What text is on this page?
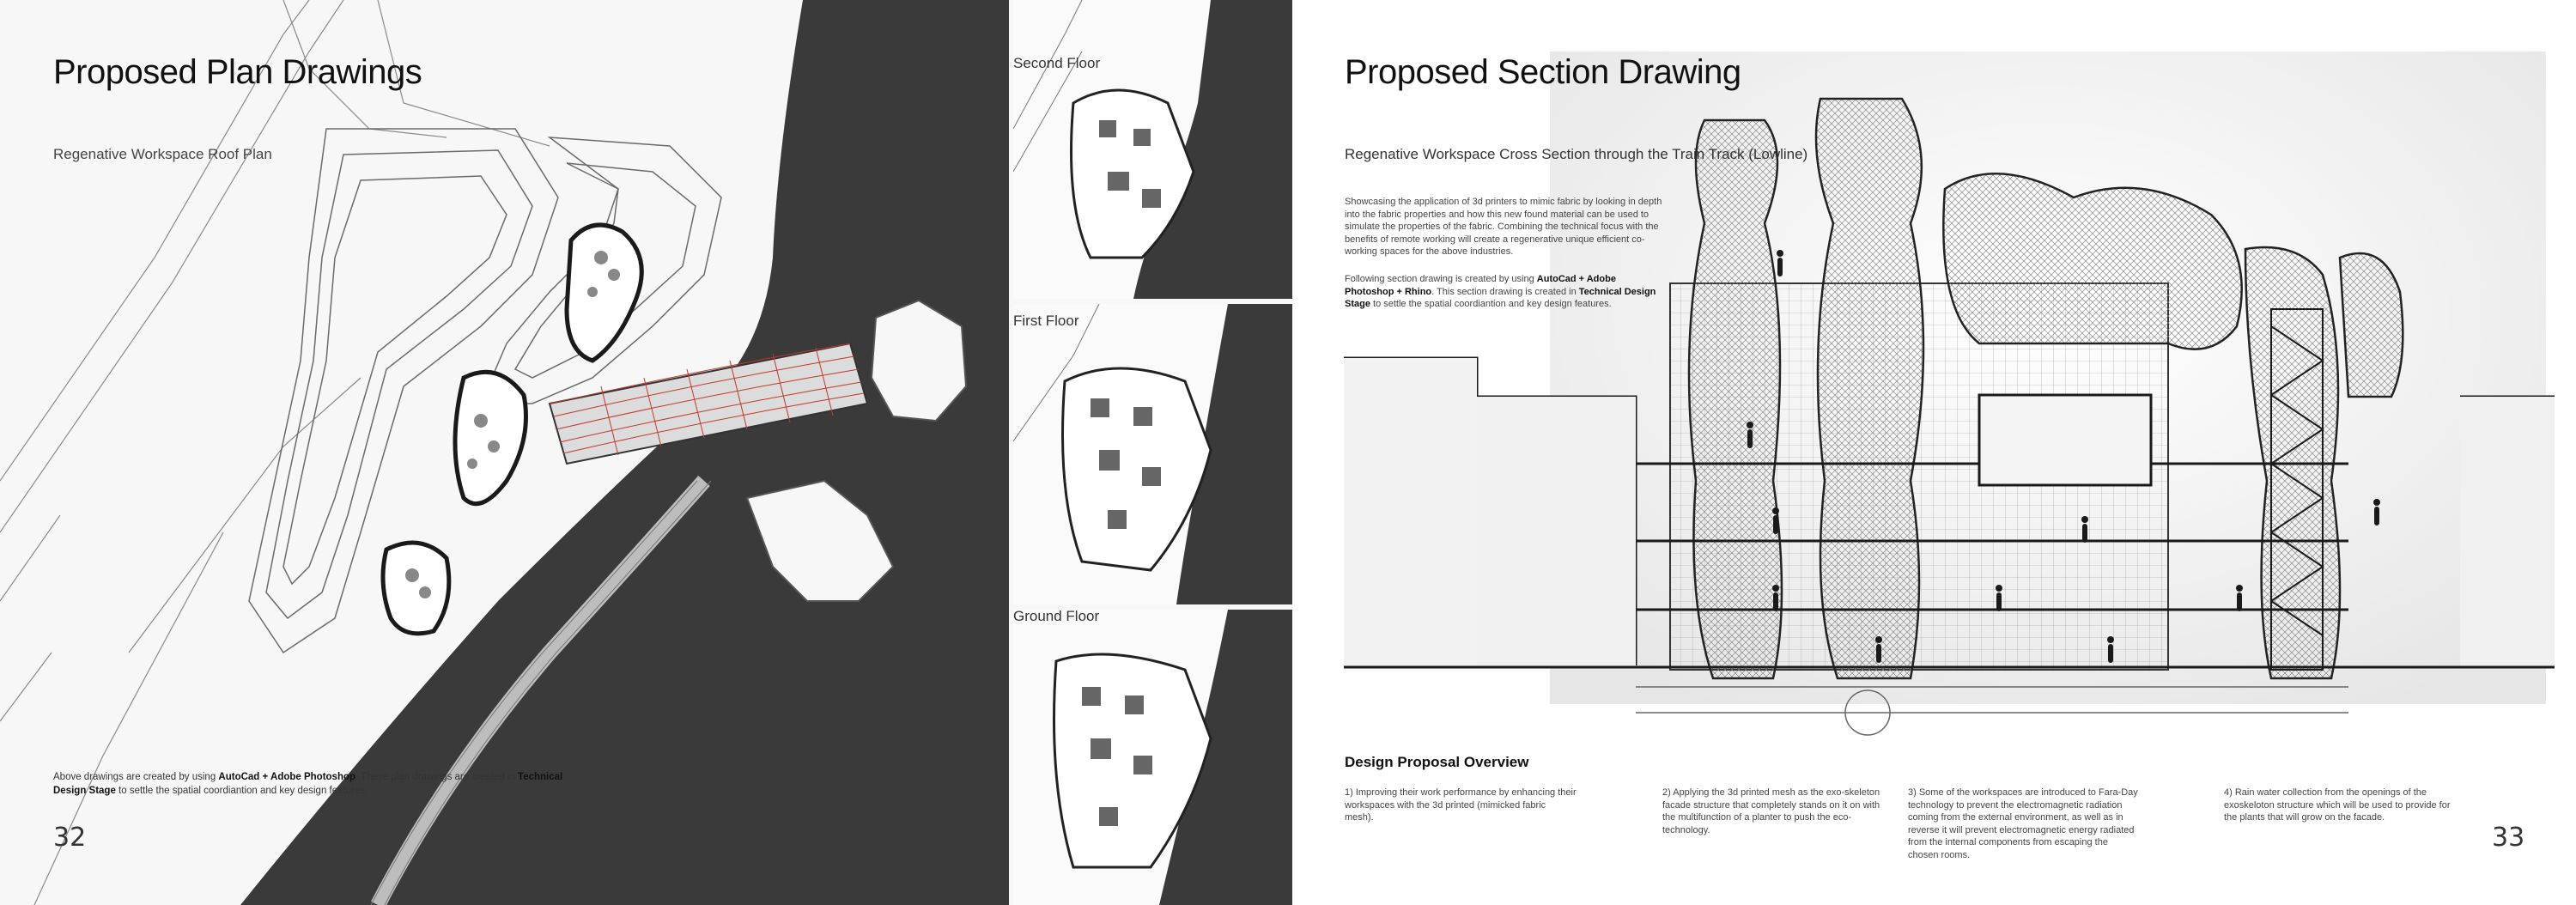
Proposed Plan Drawings
Regenative Workspace Roof Plan
Above drawings are created by using AutoCad + Adobe Photoshop. These plan drawings are created in Technical Design Stage to settle the spatial coordiantion and key design features.
32
Second Floor
First Floor
Ground Floor
Proposed Section Drawing
Regenative Workspace Cross Section through the Train Track (Lowline)
Showcasing the application of 3d printers to mimic fabric by looking in depth into the fabric properties and how this new found material can be used to simulate the properties of the fabric. Combining the technical focus with the benefits of remote working will create a regenerative unique efficient co-working spaces for the above industries.
Following section drawing is created by using AutoCad + Adobe Photoshop + Rhino. This section drawing is created in Technical Design Stage to settle the spatial coordiantion and key design features.
Design Proposal Overview
1) Improving their work performance by enhancing their workspaces with the 3d printed (mimicked fabric mesh).
2) Applying the 3d printed mesh as the exo-skeleton facade structure that completely stands on it on with the multifunction of a planter to push the eco-technology.
3) Some of the workspaces are introduced to Fara-Day technology to prevent the electromagnetic radiation coming from the external environment, as well as in reverse it will prevent electromagnetic energy radiated from the internal components from escaping the chosen rooms.
4) Rain water collection from the openings of the exoskeloton structure which will be used to provide for the plants that will grow on the facade.
33
